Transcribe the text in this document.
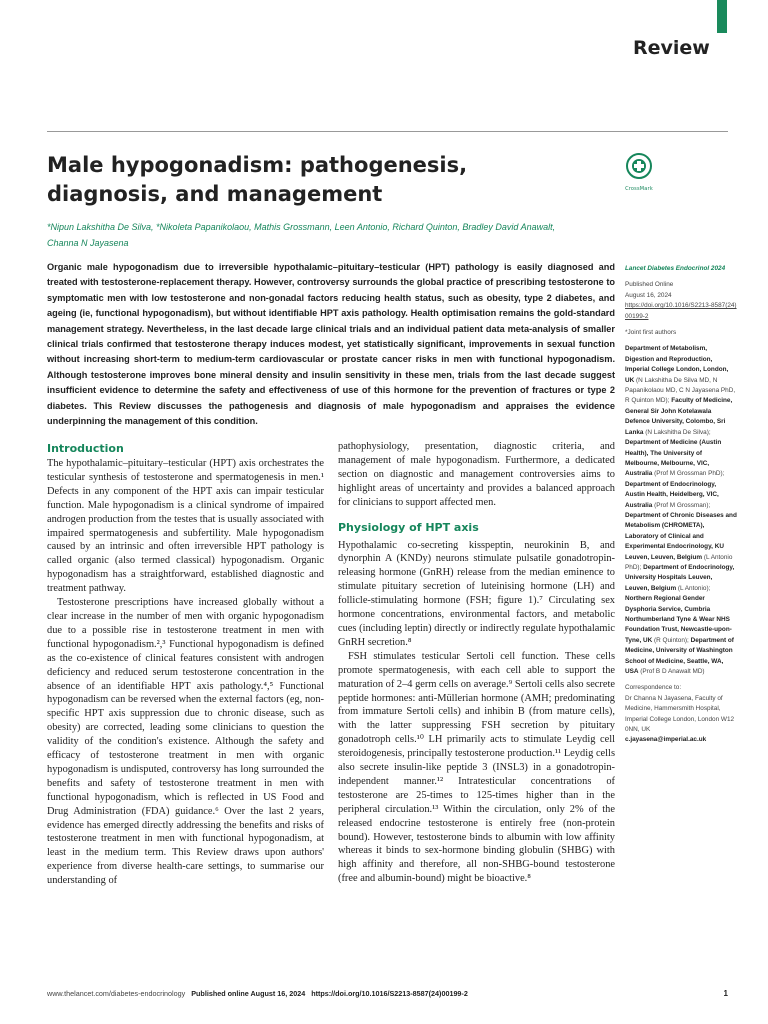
Review
Male hypogonadism: pathogenesis, diagnosis, and management	CrossMark
*Nipun Lakshitha De Silva, *Nikoleta Papanikolaou, Mathis Grossmann, Leen Antonio, Richard Quinton, Bradley David Anawalt, Channa N Jayasena

Organic male hypogonadism due to irreversible hypothalamic–pituitary–testicular (HPT) pathology is easily diagnosed and treated with testosterone-replacement therapy. However, controversy surrounds the global practice of prescribing testosterone to symptomatic men with low testosterone and non-gonadal factors reducing health status, such as obesity, type 2 diabetes, and ageing (ie, functional hypogonadism), but without identifiable HPT axis pathology. Health optimisation remains the gold-standard management strategy. Nevertheless, in the last decade large clinical trials and an individual patient data meta-analysis of smaller clinical trials confirmed that testosterone therapy induces modest, yet statistically significant, improvements in sexual function without increasing short-term to medium-term cardiovascular or prostate cancer risks in men with functional hypogonadism. Although testosterone improves bone mineral density and insulin sensitivity in these men, trials from the last decade suggest insufficient evidence to determine the safety and effectiveness of use of this hormone for the prevention of fractures or type 2 diabetes. This Review discusses the pathogenesis and diagnosis of male hypogonadism and appraises the evidence underpinning the management of this condition.

Introduction

The hypothalamic–pituitary–testicular (HPT) axis orchestrates the testicular synthesis of testosterone and spermatogenesis in men.¹ Defects in any component of the HPT axis can impair testicular function. Male hypogonadism is a clinical syndrome of impaired androgen production from the testes that is usually associated with impaired spermatogenesis and subfertility. Male hypogonadism caused by an intrinsic and often irreversible HPT pathology is called organic (also termed classical) hypogonadism. Organic hypogonadism has a straightforward, established diagnostic and treatment pathway.

Testosterone prescriptions have increased globally without a clear increase in the number of men with organic hypogonadism due to a possible rise in testosterone treatment in men with functional hypogonadism.²,³ Functional hypogonadism is defined as the co-existence of clinical features consistent with androgen deficiency and reduced serum testosterone concentration in the absence of an identifiable HPT axis pathology.⁴,⁵ Functional hypogonadism can be reversed when the external factors (eg, non-specific HPT axis suppression due to chronic disease, such as obesity) are corrected, leading some clinicians to question the validity of the condition's existence. Although the safety and efficacy of testosterone treatment in men with organic hypogonadism is undisputed, controversy has long surrounded the benefits and safety of testosterone treatment in men with functional hypogonadism, which is reflected in US Food and Drug Administration (FDA) guidance.⁶ Over the last 2 years, evidence has emerged directly addressing the benefits and risks of testosterone treatment in men with functional hypogonadism, at least in the medium term. This Review draws upon authors' experience from diverse health-care settings, to summarise our understanding of

pathophysiology, presentation, diagnostic criteria, and management of male hypogonadism. Furthermore, a dedicated section on diagnostic and management controversies aims to highlight areas of uncertainty and provides a balanced approach for clinicians to support affected men.

Physiology of HPT axis

Hypothalamic co-secreting kisspeptin, neurokinin B, and dynorphin A (KNDy) neurons stimulate pulsatile gonadotropin-releasing hormone (GnRH) release from the median eminence to stimulate pituitary secretion of luteinising hormone (LH) and follicle-stimulating hormone (FSH; figure 1).⁷ Circulating sex hormone concentrations, environmental factors, and metabolic cues (including leptin) directly or indirectly regulate hypothalamic GnRH secretion.⁸

FSH stimulates testicular Sertoli cell function. These cells promote spermatogenesis, with each cell able to support the maturation of 2–4 germ cells on average.⁹ Sertoli cells also secrete peptide hormones: anti-Müllerian hormone (AMH; predominating from immature Sertoli cells) and inhibin B (from mature cells), with the latter suppressing FSH secretion by pituitary gonadotroph cells.¹⁰ LH primarily acts to stimulate Leydig cell steroidogenesis, principally testosterone production.¹¹ Leydig cells also secrete insulin-like peptide 3 (INSL3) in a gonadotropin-independent manner.¹² Intratesticular concentrations of testosterone are 25-times to 125-times higher than in the peripheral circulation.¹³ Within the circulation, only 2% of the released endocrine testosterone is entirely free (non-protein bound). However, testosterone binds to albumin with low affinity whereas it binds to sex-hormone binding globulin (SHBG) with high affinity and therefore, all non-SHBG-bound testosterone (free and albumin-bound) might be bioactive.⁸

Lancet Diabetes Endocrinol 2024

Published Online
August 16, 2024
https://doi.org/10.1016/S2213-8587(24)00199-2

*Joint first authors

Department of Metabolism, Digestion and Reproduction, Imperial College London, London, UK (N Lakshitha De Silva MD, N Papanikolaou MD, C N Jayasena PhD, R Quinton MD); Faculty of Medicine, General Sir John Kotelawala Defence University, Colombo, Sri Lanka (N Lakshitha De Silva); Department of Medicine (Austin Health), The University of Melbourne, Melbourne, VIC, Australia (Prof M Grossman PhD); Department of Endocrinology, Austin Health, Heidelberg, VIC, Australia (Prof M Grossman); Department of Chronic Diseases and Metabolism (CHROMETA), Laboratory of Clinical and Experimental Endocrinology, KU Leuven, Leuven, Belgium (L Antonio PhD); Department of Endocrinology, University Hospitals Leuven, Leuven, Belgium (L Antonio); Northern Regional Gender Dysphoria Service, Cumbria Northumberland Tyne & Wear NHS Foundation Trust, Newcastle-upon-Tyne, UK (R Quinton); Department of Medicine, University of Washington School of Medicine, Seattle, WA, USA (Prof B D Anawalt MD)

Correspondence to:
Dr Channa N Jayasena, Faculty of Medicine, Hammersmith Hospital, Imperial College London, London W12 0NN, UK
c.jayasena@imperial.ac.uk

www.thelancet.com/diabetes-endocrinology Published online August 16, 2024 https://doi.org/10.1016/S2213-8587(24)00199-2	1
